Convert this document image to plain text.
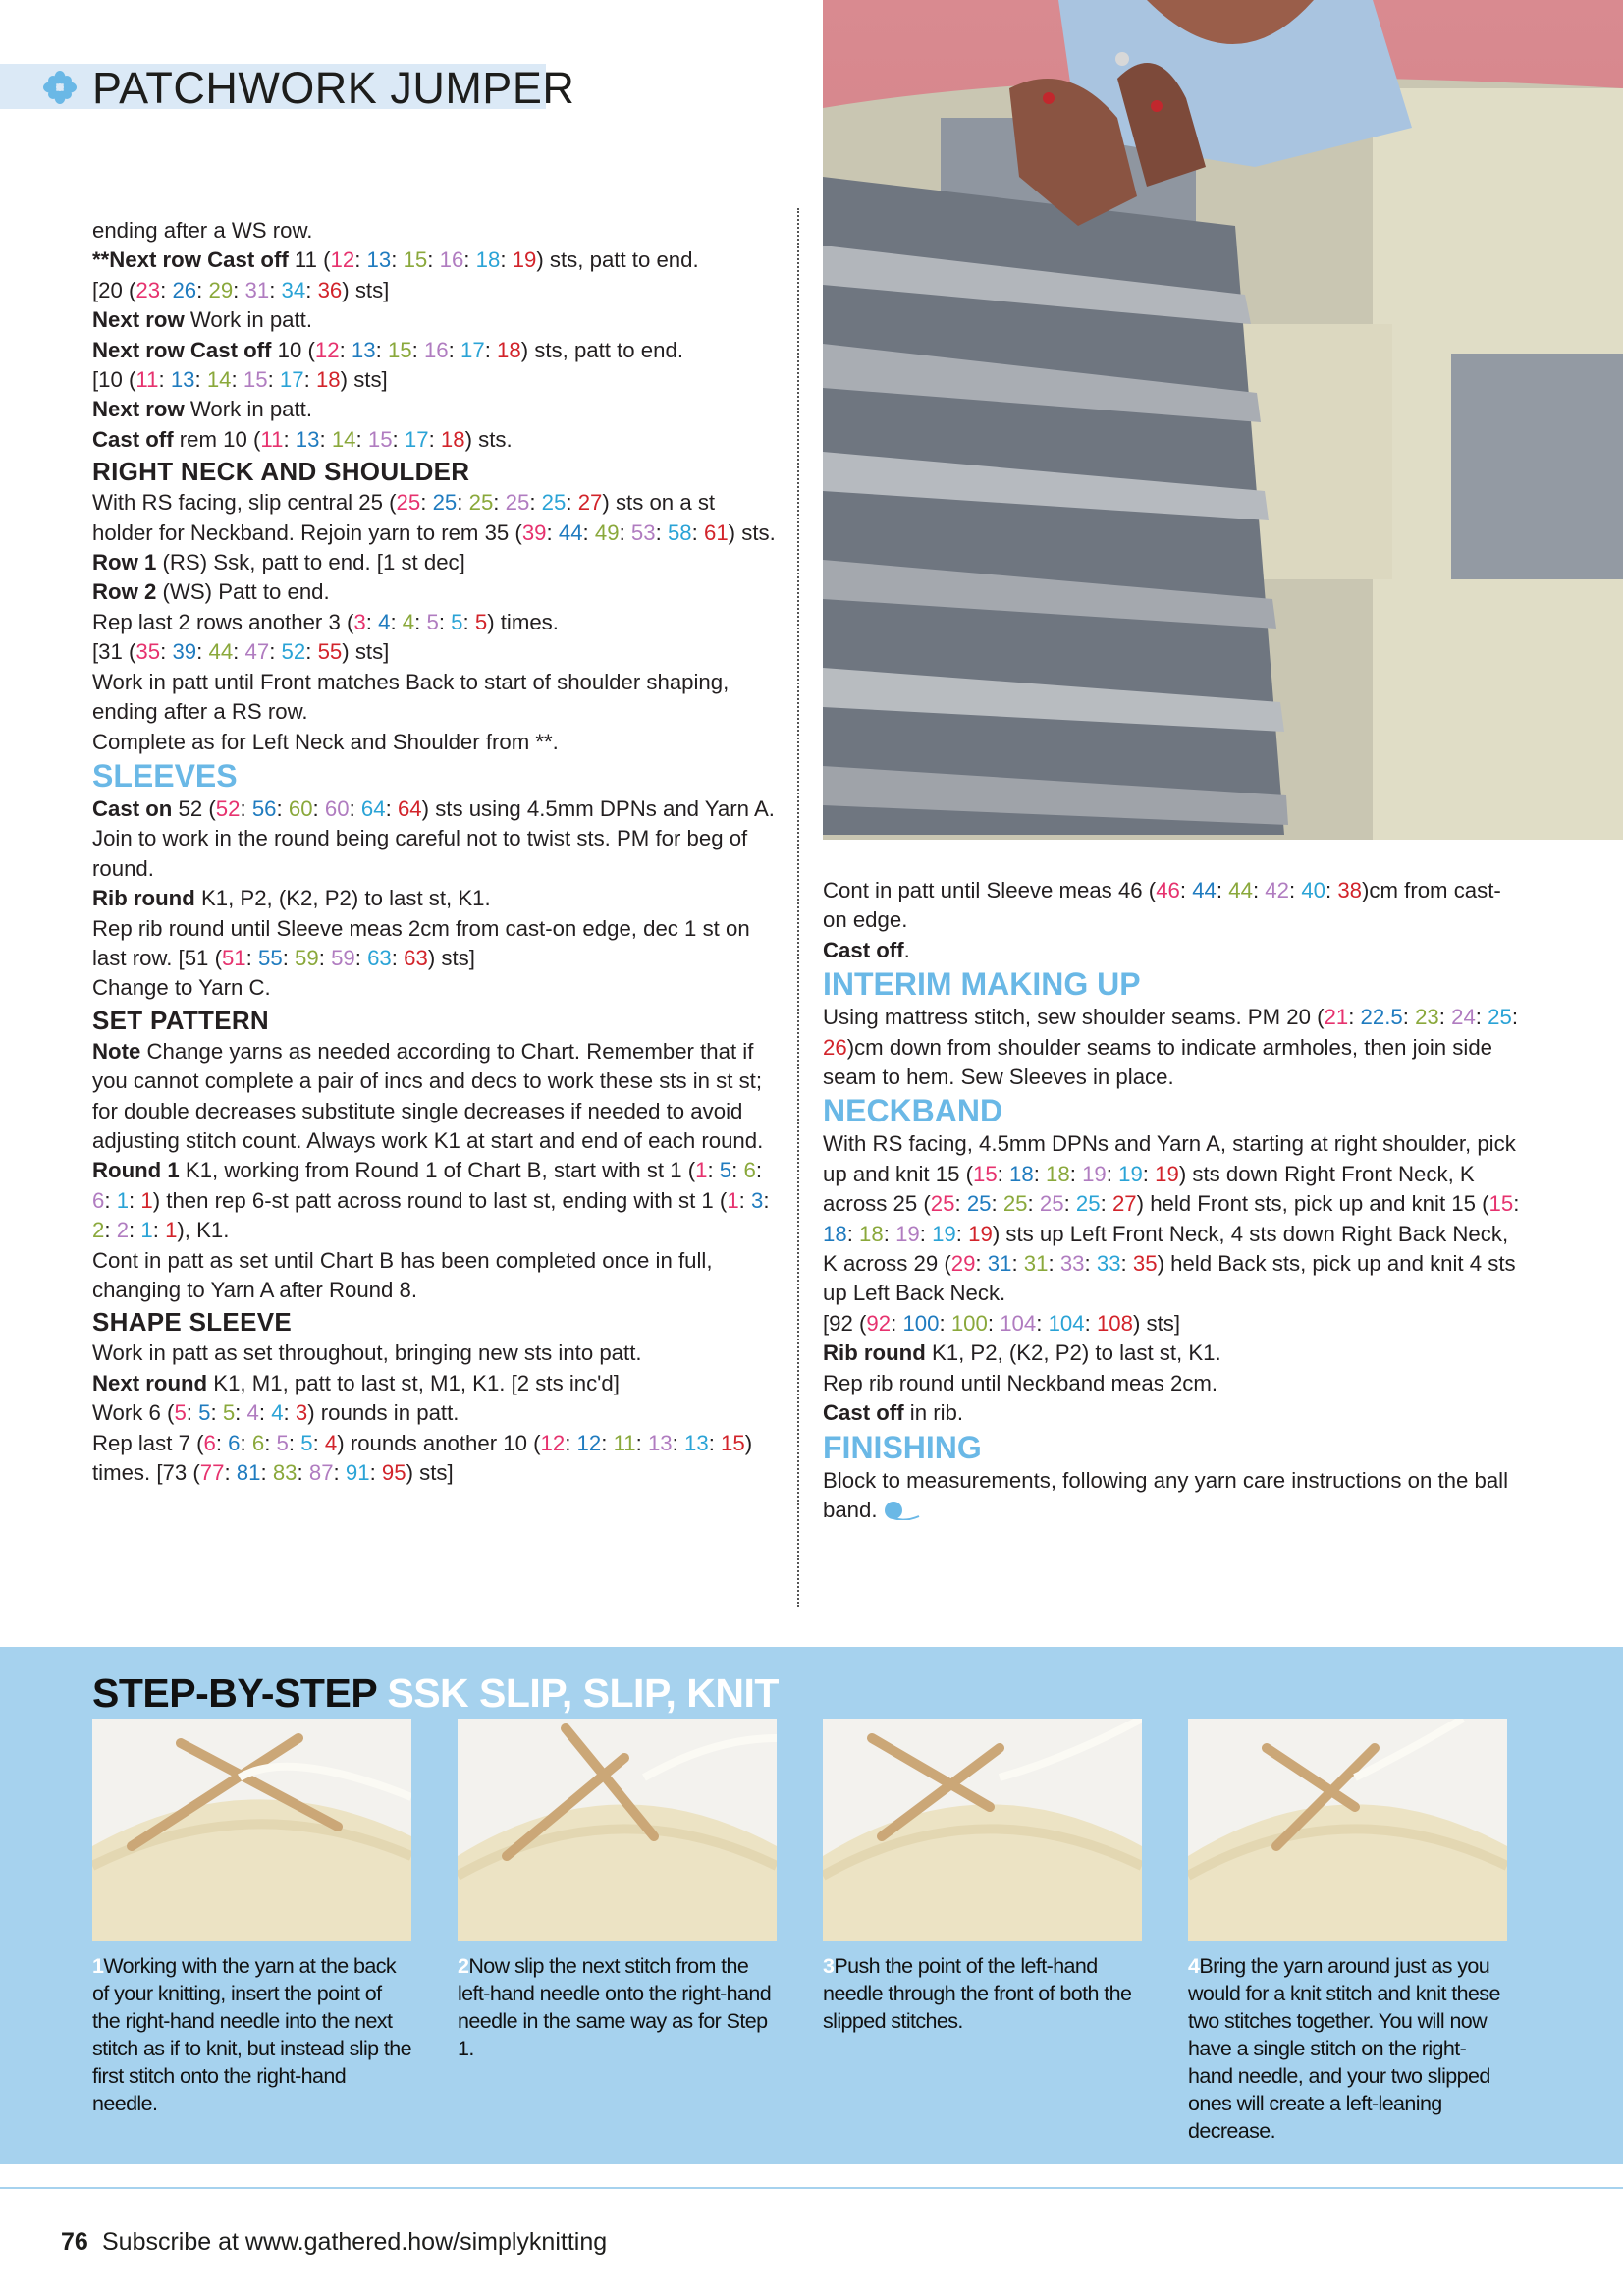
PATCHWORK JUMPER

ending after a WS row.

**Next row Cast off 11 (12: 13: 15: 16: 18: 19) sts, patt to end.

[20 (23: 26: 29: 31: 34: 36) sts]

Next row Work in patt.

Next row Cast off 10 (12: 13: 15: 16: 17: 18) sts, patt to end.

[10 (11: 13: 14: 15: 17: 18) sts]

Next row Work in patt.

Cast off rem 10 (11: 13: 14: 15: 17: 18) sts.

RIGHT NECK AND SHOULDER

With RS facing, slip central 25 (25: 25: 25: 25: 25: 27) sts on a st holder for Neckband. Rejoin yarn to rem 35 (39: 44: 49: 53: 58: 61) sts.

Row 1 (RS) Ssk, patt to end. [1 st dec]

Row 2 (WS) Patt to end.

Rep last 2 rows another 3 (3: 4: 4: 5: 5: 5) times.

[31 (35: 39: 44: 47: 52: 55) sts]

Work in patt until Front matches Back to start of shoulder shaping, ending after a RS row.

Complete as for Left Neck and Shoulder from **.

SLEEVES

Cast on 52 (52: 56: 60: 60: 64: 64) sts using 4.5mm DPNs and Yarn A. Join to work in the round being careful not to twist sts. PM for beg of round.

Rib round K1, P2, (K2, P2) to last st, K1.

Rep rib round until Sleeve meas 2cm from cast-on edge, dec 1 st on last row. [51 (51: 55: 59: 59: 63: 63) sts]

Change to Yarn C.

SET PATTERN

Note Change yarns as needed according to Chart. Remember that if you cannot complete a pair of incs and decs to work these sts in st st; for double decreases substitute single decreases if needed to avoid adjusting stitch count. Always work K1 at start and end of each round.

Round 1 K1, working from Round 1 of Chart B, start with st 1 (1: 5: 6: 6: 1: 1) then rep 6-st patt across round to last st, ending with st 1 (1: 3: 2: 2: 1: 1), K1.

Cont in patt as set until Chart B has been completed once in full, changing to Yarn A after Round 8.

SHAPE SLEEVE

Work in patt as set throughout, bringing new sts into patt.

Next round K1, M1, patt to last st, M1, K1. [2 sts inc'd]

Work 6 (5: 5: 5: 4: 4: 3) rounds in patt.

Rep last 7 (6: 6: 6: 5: 5: 4) rounds another 10 (12: 12: 11: 13: 13: 15) times. [73 (77: 81: 83: 87: 91: 95) sts]

Cont in patt until Sleeve meas 46 (46: 44: 44: 42: 40: 38)cm from cast-on edge.

Cast off.

INTERIM MAKING UP

Using mattress stitch, sew shoulder seams. PM 20 (21: 22.5: 23: 24: 25: 26)cm down from shoulder seams to indicate armholes, then join side seam to hem. Sew Sleeves in place.

NECKBAND

With RS facing, 4.5mm DPNs and Yarn A, starting at right shoulder, pick up and knit 15 (15: 18: 18: 19: 19: 19) sts down Right Front Neck, K across 25 (25: 25: 25: 25: 25: 27) held Front sts, pick up and knit 15 (15: 18: 18: 19: 19: 19) sts up Left Front Neck, 4 sts down Right Back Neck, K across 29 (29: 31: 31: 33: 33: 35) held Back sts, pick up and knit 4 sts up Left Back Neck.

[92 (92: 100: 100: 104: 104: 108) sts]

Rib round K1, P2, (K2, P2) to last st, K1.

Rep rib round until Neckband meas 2cm.

Cast off in rib.

FINISHING

Block to measurements, following any yarn care instructions on the ball band.

STEP-BY-STEP SSK SLIP, SLIP, KNIT
1Working with the yarn at the back of your knitting, insert the point of the right-hand needle into the next stitch as if to knit, but instead slip the first stitch onto the right-hand needle.
2Now slip the next stitch from the left-hand needle onto the right-hand needle in the same way as for Step 1.
3Push the point of the left-hand needle through the front of both the slipped stitches.
4Bring the yarn around just as you would for a knit stitch and knit these two stitches together. You will now have a single stitch on the right-hand needle, and your two slipped ones will create a left-leaning decrease.
76 Subscribe at www.gathered.how/simplyknitting
